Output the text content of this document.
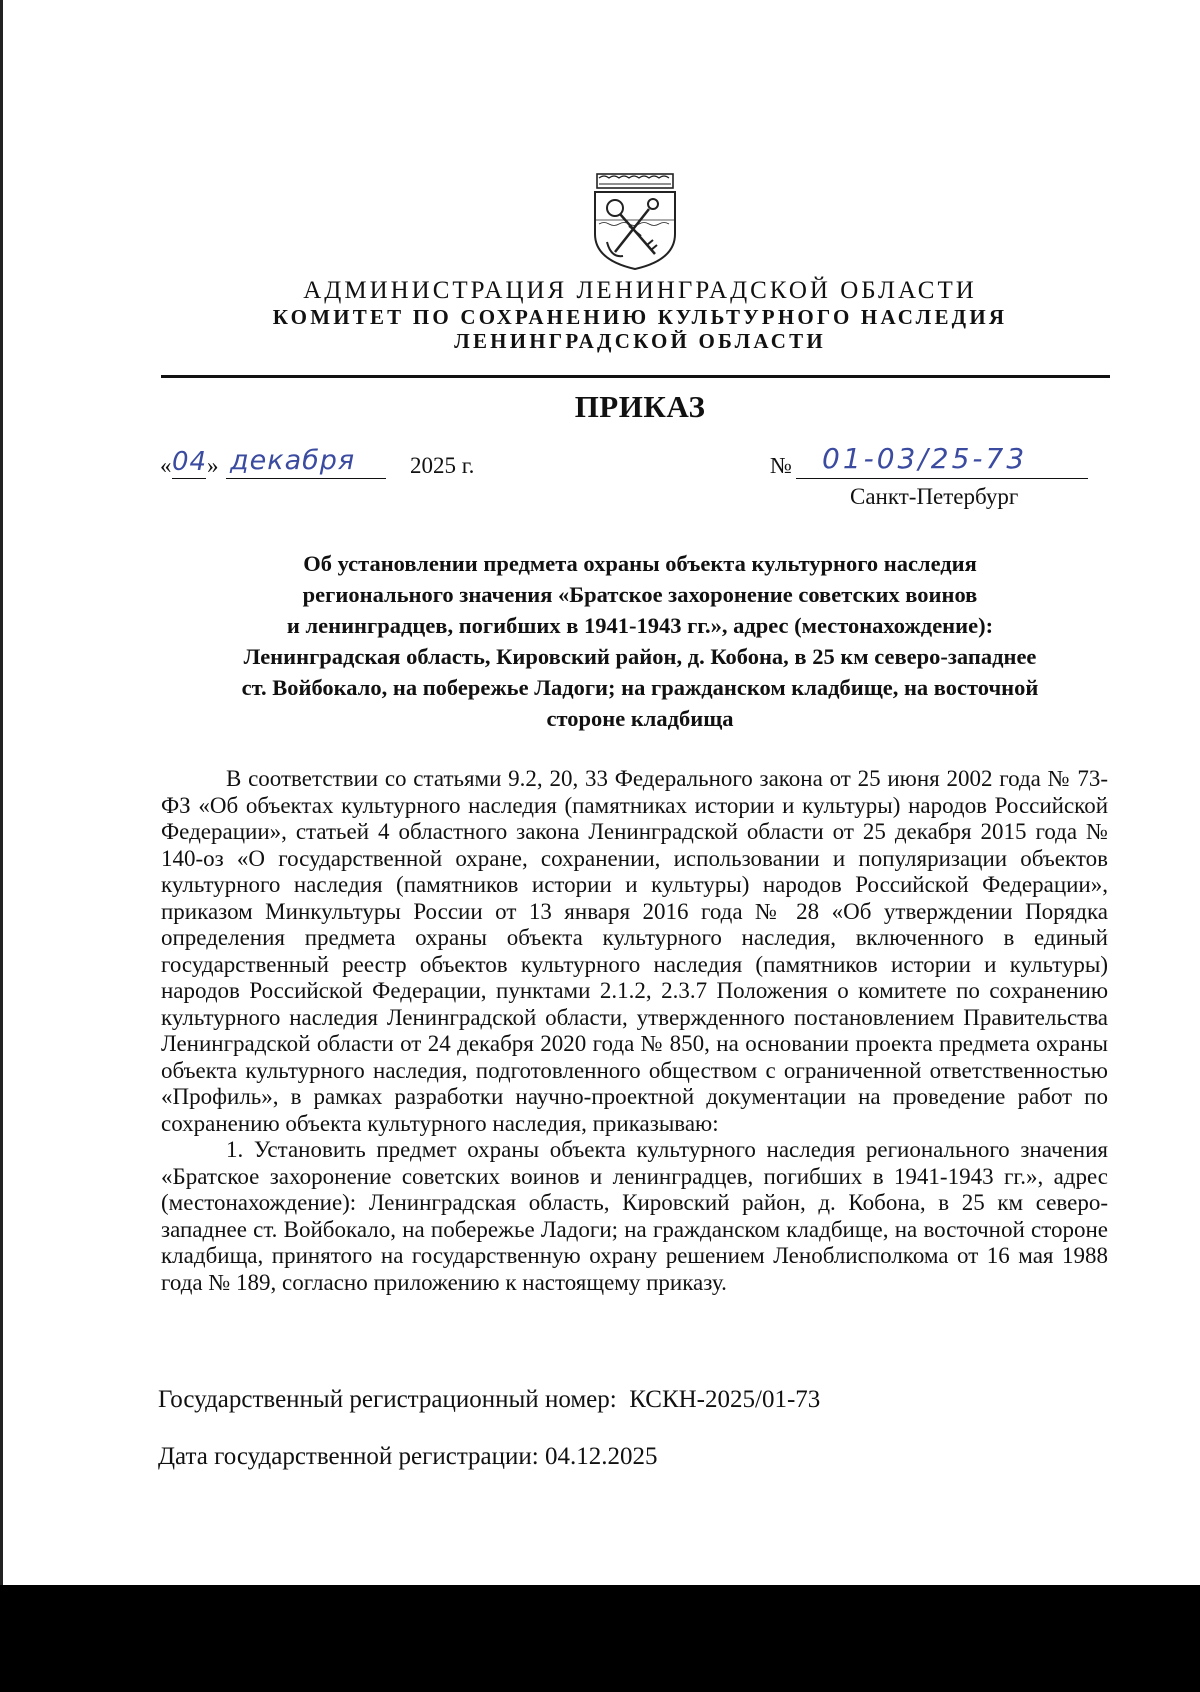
АДМИНИСТРАЦИЯ ЛЕНИНГРАДСКОЙ ОБЛАСТИ
КОМИТЕТ ПО СОХРАНЕНИЮ КУЛЬТУРНОГО НАСЛЕДИЯ
ЛЕНИНГРАДСКОЙ ОБЛАСТИ
ПРИКАЗ
« 04 » декабря 2025 г.	№ 01-03/25-73
Санкт-Петербург
Об установлении предмета охраны объекта культурного наследия
регионального значения «Братское захоронение советских воинов
и ленинградцев, погибших в 1941-1943 гг.», адрес (местонахождение):
Ленинградская область, Кировский район, д. Кобона, в 25 км северо-западнее
ст. Войбокало, на побережье Ладоги; на гражданском кладбище, на восточной
стороне кладбища

В соответствии со статьями 9.2, 20, 33 Федерального закона от 25 июня 2002 года № 73-ФЗ «Об объектах культурного наследия (памятниках истории и культуры) народов Российской Федерации», статьей 4 областного закона Ленинградской области от 25 декабря 2015 года № 140-оз «О государственной охране, сохранении, использовании и популяризации объектов культурного наследия (памятников истории и культуры) народов Российской Федерации», приказом Минкультуры России от 13 января 2016 года № 28 «Об утверждении Порядка определения предмета охраны объекта культурного наследия, включенного в единый государственный реестр объектов культурного наследия (памятников истории и культуры) народов Российской Федерации, пунктами 2.1.2, 2.3.7 Положения о комитете по сохранению культурного наследия Ленинградской области, утвержденного постановлением Правительства Ленинградской области от 24 декабря 2020 года № 850, на основании проекта предмета охраны объекта культурного наследия, подготовленного обществом с ограниченной ответственностью «Профиль», в рамках разработки научно-проектной документации на проведение работ по сохранению объекта культурного наследия, приказываю:

1. Установить предмет охраны объекта культурного наследия регионального значения «Братское захоронение советских воинов и ленинградцев, погибших в 1941-1943 гг.», адрес (местонахождение): Ленинградская область, Кировский район, д. Кобона, в 25 км северо-западнее ст. Войбокало, на побережье Ладоги; на гражданском кладбище, на восточной стороне кладбища, принятого на государственную охрану решением Леноблисполкома от 16 мая 1988 года № 189, согласно приложению к настоящему приказу.

Государственный регистрационный номер: КСКН-2025/01-73
Дата государственной регистрации: 04.12.2025
